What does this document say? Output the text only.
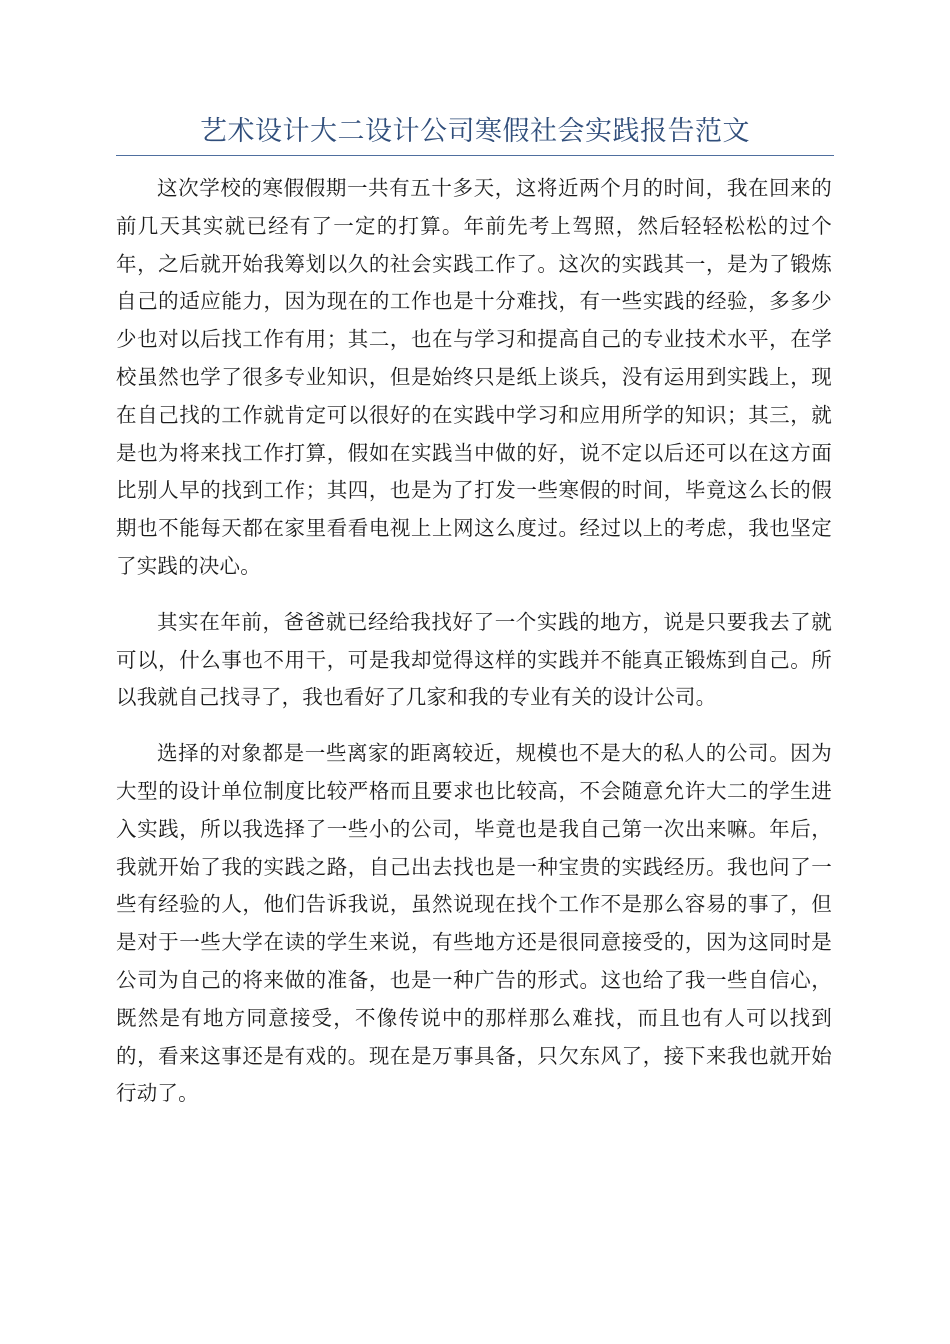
艺术设计大二设计公司寒假社会实践报告范文

这次学校的寒假假期一共有五十多天，这将近两个月的时间，我在回来的前几天其实就已经有了一定的打算。年前先考上驾照，然后轻轻松松的过个年，之后就开始我筹划以久的社会实践工作了。这次的实践其一，是为了锻炼自己的适应能力，因为现在的工作也是十分难找，有一些实践的经验，多多少少也对以后找工作有用；其二，也在与学习和提高自己的专业技术水平，在学校虽然也学了很多专业知识，但是始终只是纸上谈兵，没有运用到实践上，现在自己找的工作就肯定可以很好的在实践中学习和应用所学的知识；其三，就是也为将来找工作打算，假如在实践当中做的好，说不定以后还可以在这方面比别人早的找到工作；其四，也是为了打发一些寒假的时间，毕竟这么长的假期也不能每天都在家里看看电视上上网这么度过。经过以上的考虑，我也坚定了实践的决心。

其实在年前，爸爸就已经给我找好了一个实践的地方，说是只要我去了就可以，什么事也不用干，可是我却觉得这样的实践并不能真正锻炼到自己。所以我就自己找寻了，我也看好了几家和我的专业有关的设计公司。

选择的对象都是一些离家的距离较近，规模也不是大的私人的公司。因为大型的设计单位制度比较严格而且要求也比较高，不会随意允许大二的学生进入实践，所以我选择了一些小的公司，毕竟也是我自己第一次出来嘛。年后，我就开始了我的实践之路，自己出去找也是一种宝贵的实践经历。我也问了一些有经验的人，他们告诉我说，虽然说现在找个工作不是那么容易的事了，但是对于一些大学在读的学生来说，有些地方还是很同意接受的，因为这同时是公司为自己的将来做的准备，也是一种广告的形式。这也给了我一些自信心，既然是有地方同意接受，不像传说中的那样那么难找，而且也有人可以找到的，看来这事还是有戏的。现在是万事具备，只欠东风了，接下来我也就开始行动了。
